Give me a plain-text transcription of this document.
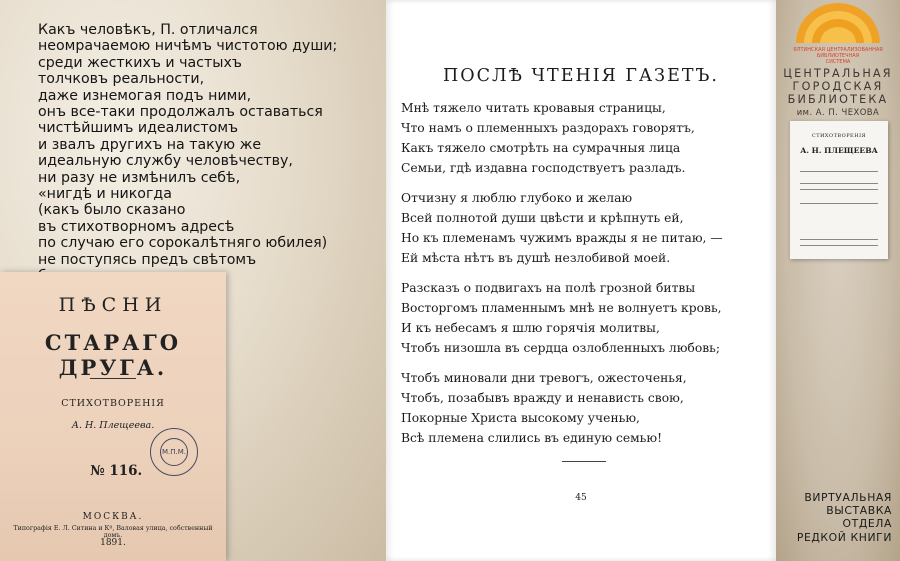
Какъ человѣкъ, П. отличался
неомрачаемою ничѣмъ чистотою души;
среди жесткихъ и частыхъ
толчковъ реальности,
даже изнемогая подъ ними,
онъ все-таки продолжалъ оставаться
чистѣйшимъ идеалистомъ
и звалъ другихъ на такую же
идеальную службу человѣчеству,
ни разу не измѣнилъ себѣ,
«нигдѣ и никогда
(какъ было сказано
въ стихотворномъ адресѣ
по случаю его сорокалѣтняго юбилея)
не поступясь предъ свѣтомъ

ПѢСНИ
СТАРАГО ДРУГА.
СТИХОТВОРЕНІЯ
А. Н. Плещеева.
№ 116.
М.П.М.
МОСКВА.
Типографія Е. Л. Ситина и Кº, Валовая улица, собственный домъ.
1891.
ПОСЛѢ ЧТЕНІЯ ГАЗЕТЪ.
Мнѣ тяжело читать кровавыя страницы,
Что намъ о племенныхъ раздорахъ говорятъ,
Какъ тяжело смотрѣть на сумрачныя лица
Семьи, гдѣ издавна господствуетъ разладъ.
Отчизну я люблю глубоко и желаю
Всей полнотой души цвѣсти и крѣпнуть ей,
Но къ племенамъ чужимъ вражды я не питаю, —
Ей мѣста нѣтъ въ душѣ незлобивой моей.
Разсказъ о подвигахъ на полѣ грозной битвы
Восторгомъ пламеннымъ мнѣ не волнуетъ кровь,
И къ небесамъ я шлю горячія молитвы,
Чтобъ низошла въ сердца озлобленныхъ любовь;
Чтобъ миновали дни тревогъ, ожесточенья,
Чтобъ, позабывъ вражду и ненависть свою,
Покорные Христа высокому ученью,
Всѣ племена слились въ единую семью!
45
ЯЛТИНСКАЯ ЦЕНТРАЛИЗОВАННАЯ
БИБЛИОТЕЧНАЯ
СИСТЕМА
ЦЕНТРАЛЬНАЯ
ГОРОДСКАЯ
БИБЛИОТЕКА
им. А. П. ЧЕХОВА
СТИХОТВОРЕНІЯ
А. Н. ПЛЕЩЕЕВА
ВИРТУАЛЬНАЯ
ВЫСТАВКА
ОТДЕЛА
РЕДКОЙ КНИГИ
